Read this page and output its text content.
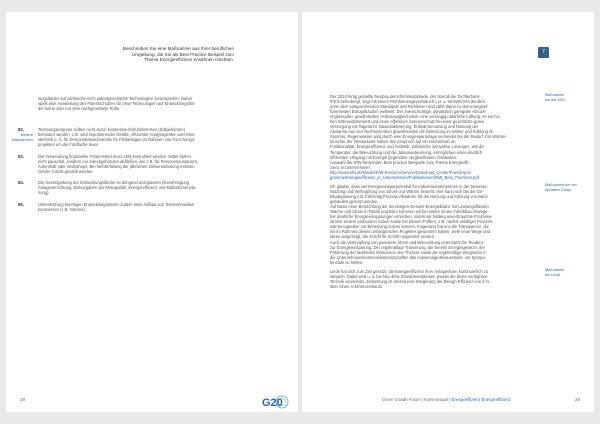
lungsländer auf zahlreiche nicht patentgeschützte Technologien zurückgreifen. Daher
spielt eine Ausweitung des Patentschutzes für neue Technologien auf Entwicklungslän-
der keine oder nur eine nachgeordnete Rolle.
weitere
Maßnahmen
82.	Technologiesprone sollten nicht durch kostenlose Einfuhrbremsen (Zollgebühren)
behindert werden, z.B. sind importierender Geräte, effizienter Analysegeräte oder Mes-
stechnik u. Ä. für Demonstrationszwecke für Pilotanlagen im Rahmen von Forschungs-
projekten um die Fünffache teuer.
83.	Die Verwendung finanzieller Fördermittel muss stritt kontrolliert werden. Mittel dürfen
nicht pauschal, sondern nur zweckgebunden abfließen, wie z.B. für Personenaustausch,
Aufenthalt oder Workshops. Bei Nichterfüllung der jährlichen Zielvereinbarung müssen
Gelder zurück gezahlt werden.
84.	Die Gesetzgebung der Entwicklungsländer ist dringend anzupassen (Genehmigung
Anlagenerrichtung, Zielvorgaben der Klimapolitik, Energieeffizienz und Maßnahmenpla-
nung).
85.	Unterstützung benötigen Entwicklungsländer zudem beim Aufbau von Telekommunika-
tionsnetzen (z.B. Internet).
28	G20
Beschreiben Sie eine Maßnahme aus Ihrer beruflichen
Umgebung, die Sie als Best Practice Beispiel zum
Thema Energieeffizienz erwähnen möchten.
7
Der 2010 fertig gestellte Neubau der KfW-Westarkade, der überall die Tochterbank
IPEX beherbergt, liegt mit einem Primärenergieverbrauch i. H. v. 98 kWh/m²a deutlich
unter dem entsprechenden Standards und Richtlinien und zählt damit zu den energieef-
fizientesten Bürogebäuden weltweit. Der zweischichtige, dynamisch geregelte »Druck-
ringfassade« gewährleistet »Klimaausgleichsteil« eine vorrangig natürliche Lüftung, es ein ho-
hen Wärmedämmwert und einen effektiven Sonnenschutz bei einer geschützte guten
Versorgung mit Tageslicht. Bauteilaktivierung, Erdwärmenutzung und Nutzung der
Abwärme aus den Rechenzentren gewährleisten die Beheizung im Winter und Kühlung im
Sommer, Regenwasser wird durch eine Energiesparanlage vermeidet bei der Bedarf. Ein Wärme-
tauscher der Westarkade haben den Anspruch auf ein Höchstmaß an
Funktionalität, Energieeffizienz und Ästhetik. Zahlreiche innovative Lösungen, wie die
Temperatur, die Beleuchtung und die Jalousiesteuerung, ermöglichen einen deutlich
effizienten Umgang mit Energie gegenüber vergleichbaren Gebäuden.
Auswahl der KfW-fördernden Best practice Beispiele zum Thema Energieeffi-
zienz in Unternehmen:
http://www.kfw.de/kfw/de/KfW-Konzern/Service/Download_Center/Foerderpro-
gramme/Energieeffizienz_in_Unternehmen/Publikationen/KfW_Best_Practices.pdf
Maßnahme
bei der KfW
Ich glaube, dass viel Energieeinsparpotential für Industrieunternehmen in der besseren
Nutzung und Verknüpfung von Strom und Wärme besteht. Hier kann sich bei der Ge-
bäudeplanung z.B. frühzeitig Prozess-Abwärme für die Heizung und Kühlung von Büro-
gebäuden genutzt werden.
Auf Basis einer Betrachtung der derzeitigen Gesamt-Energiebilanz mit Leistungsflüssen
Wärme und Strom in Fabrik und Büro kommen wir bei einem neuen Fabrikbau Abwege-
ber deutliche Energieeinsparungen erreichen, indem wir bislang unverbrauchte Prozesse-
ströme andere verbunden haben sowie mit kleinen Puffern, z.B. nächst unbilliger Prozess-
wärme tageüber zur Beheizung nutzen können. Insgesamt hat uns die Transparenz, die
wir im Rahmen dieses umfangreichen Projektes gewonnen haben, viele neue Wege und
Ideen aufgezeigt, die Schrift für Schritt umgesetzt werden.
Auch die Verknüpfung von passivem Strom und Beleuchtung unterstützt die Tendenz
zur Energieeinsparung. Der regelmäßige Trainierung, der bereits Energiegesetze, der
Förderung der laufenden Diskussion des Themas sowie die regelmäßige Integration in
die Unternehmenskommunikationsschaffen das notwendige Bewusstsein, um Sparpo-
tenziale zu heben.
Maßnahme bei der
Aprissen Group
Linde hat sich zum Ziel gesetzt, die Energieeffizienz ihrer Anlagenform kontinuierlich zu
steigern. Dabei wird u. a. bei Neu-bzw. Ersatzinvestitionen jeweils die beste verfügbare
Technik verwendet. Zielsetzung ist derzeit eine Steigerung der Design-Effizienz von 3 %
über einen 4-Jahreszeitraum.
Maßnahme
bei Linde
Green Growth Forum | Kommuniqué | Energieeffizienz Energieeffizienz	29
